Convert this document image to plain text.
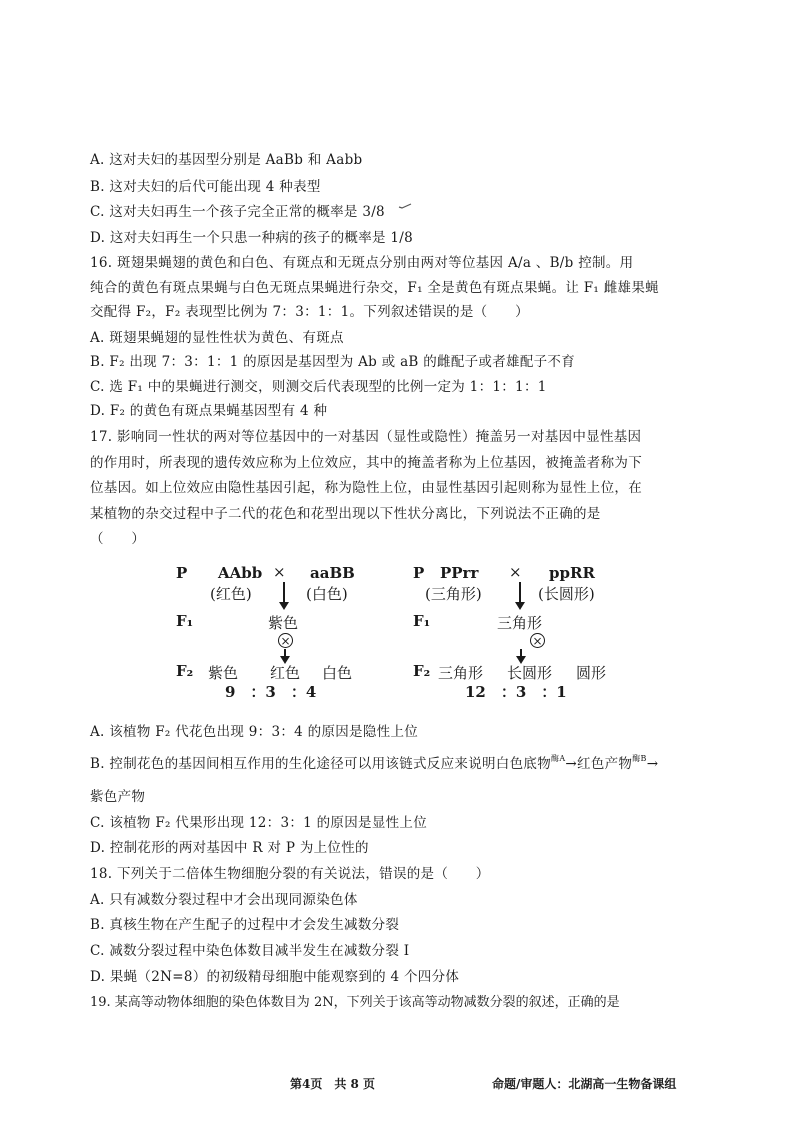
A. 这对夫妇的基因型分别是 AaBb 和 Aabb
B. 这对夫妇的后代可能出现 4 种表型
C. 这对夫妇再生一个孩子完全正常的概率是 3/8
D. 这对夫妇再生一个只患一种病的孩子的概率是 1/8
16. 斑翅果蝇翅的黄色和白色、有斑点和无斑点分别由两对等位基因 A/a 、B/b 控制。用
纯合的黄色有斑点果蝇与白色无斑点果蝇进行杂交，F₁ 全是黄色有斑点果蝇。让 F₁ 雌雄果蝇
交配得 F₂，F₂ 表现型比例为 7：3：1：1。下列叙述错误的是（　　）
A. 斑翅果蝇翅的显性性状为黄色、有斑点
B. F₂ 出现 7：3：1：1 的原因是基因型为 Ab 或 aB 的雌配子或者雄配子不育
C. 选 F₁ 中的果蝇进行测交，则测交后代表现型的比例一定为 1：1：1：1
D. F₂ 的黄色有斑点果蝇基因型有 4 种
17. 影响同一性状的两对等位基因中的一对基因（显性或隐性）掩盖另一对基因中显性基因
的作用时，所表现的遗传效应称为上位效应，其中的掩盖者称为上位基因，被掩盖者称为下
位基因。如上位效应由隐性基因引起，称为隐性上位，由显性基因引起则称为显性上位，在
某植物的杂交过程中子二代的花色和花型出现以下性状分离比，下列说法不正确的是
（　　）
P AAbb × aaBB
(红色)	(白色)
F₁	紫色
×
F₂ 紫色 红色 白色
9　：3　：4
P PPrr × ppRR
(三角形)	(长圆形)
F₁	三角形
×
F₂ 三角形 长圆形 圆形
12　：3　：1
A. 该植物 F₂ 代花色出现 9：3：4 的原因是隐性上位
B. 控制花色的基因间相互作用的生化途径可以用该链式反应来说明白色底物$^{酶A}$→红色产物$^{酶B}$→
紫色产物
C. 该植物 F₂ 代果形出现 12：3：1 的原因是显性上位
D. 控制花形的两对基因中 R 对 P 为上位性的
18. 下列关于二倍体生物细胞分裂的有关说法，错误的是（　　）
A. 只有减数分裂过程中才会出现同源染色体
B. 真核生物在产生配子的过程中才会发生减数分裂
C. 减数分裂过程中染色体数目减半发生在减数分裂 I
D. 果蝇（2N=8）的初级精母细胞中能观察到的 4 个四分体
19. 某高等动物体细胞的染色体数目为 2N，下列关于该高等动物减数分裂的叙述，正确的是
第4页　共 8 页	命题/审题人：北湖高一生物备课组
